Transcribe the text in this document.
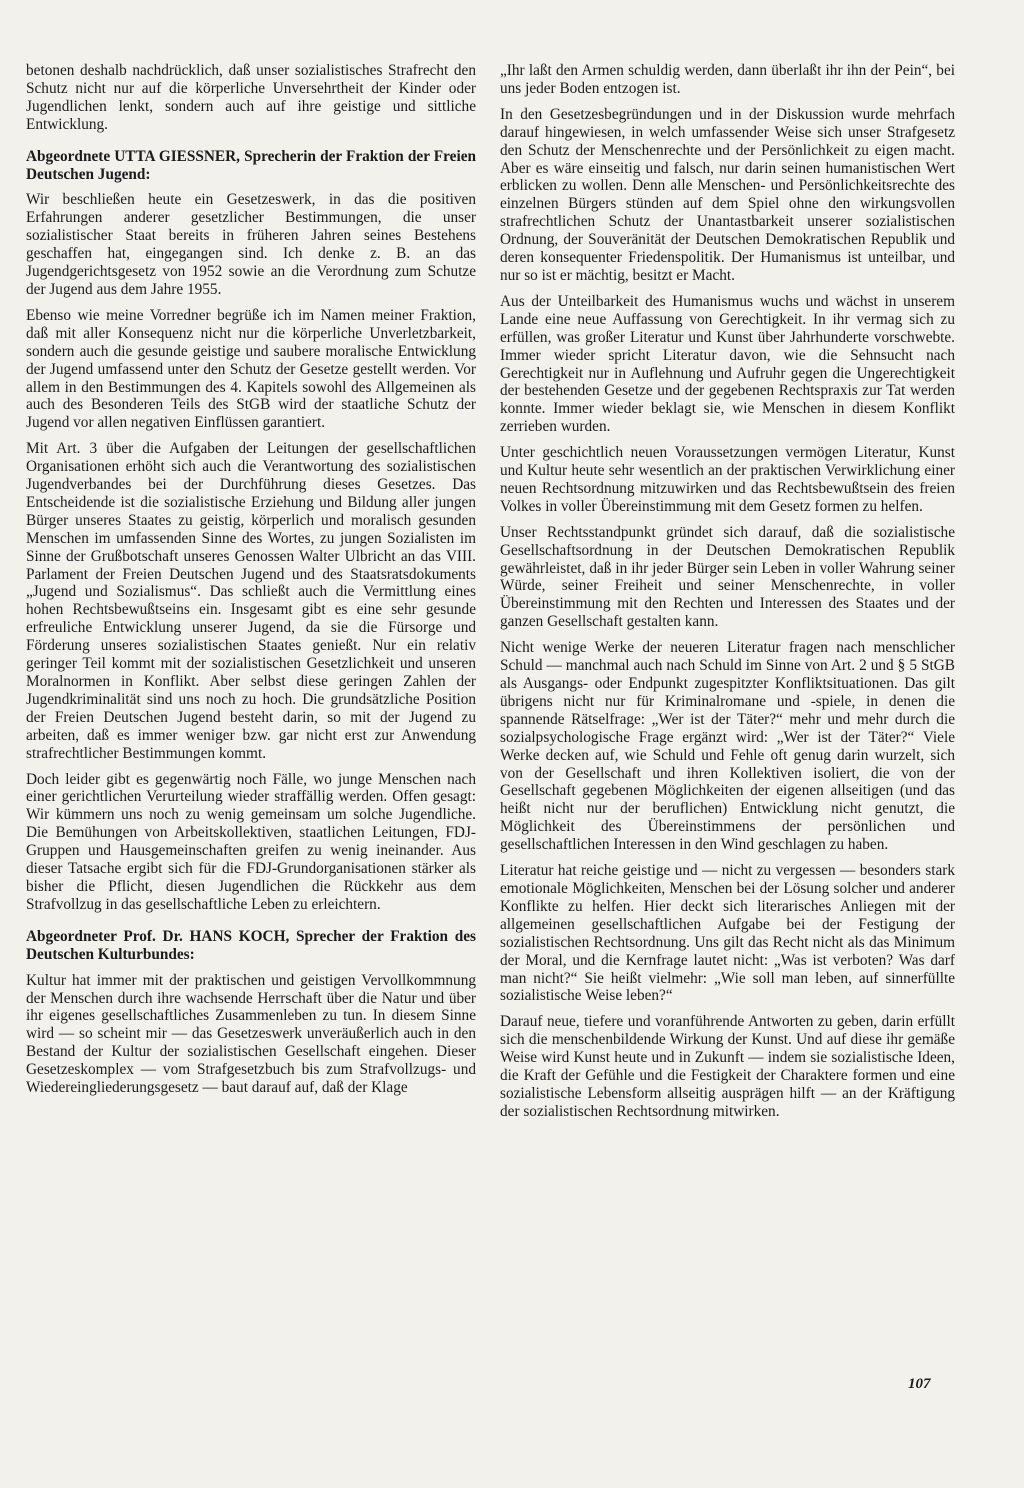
betonen deshalb nachdrücklich, daß unser sozialistisches Strafrecht den Schutz nicht nur auf die körperliche Unversehrtheit der Kinder oder Jugendlichen lenkt, sondern auch auf ihre geistige und sittliche Entwicklung.

Abgeordnete UTTA GIESSNER, Sprecherin der Fraktion der Freien Deutschen Jugend:

Wir beschließen heute ein Gesetzeswerk, in das die positiven Erfahrungen anderer gesetzlicher Bestimmungen, die unser sozialistischer Staat bereits in früheren Jahren seines Bestehens geschaffen hat, eingegangen sind. Ich denke z. B. an das Jugendgerichtsgesetz von 1952 sowie an die Verordnung zum Schutze der Jugend aus dem Jahre 1955.

Ebenso wie meine Vorredner begrüße ich im Namen meiner Fraktion, daß mit aller Konsequenz nicht nur die körperliche Unverletzbarkeit, sondern auch die gesunde geistige und saubere moralische Entwicklung der Jugend umfassend unter den Schutz der Gesetze gestellt werden. Vor allem in den Bestimmungen des 4. Kapitels sowohl des Allgemeinen als auch des Besonderen Teils des StGB wird der staatliche Schutz der Jugend vor allen negativen Einflüssen garantiert.

Mit Art. 3 über die Aufgaben der Leitungen der gesellschaftlichen Organisationen erhöht sich auch die Verantwortung des sozialistischen Jugendverbandes bei der Durchführung dieses Gesetzes. Das Entscheidende ist die sozialistische Erziehung und Bildung aller jungen Bürger unseres Staates zu geistig, körperlich und moralisch gesunden Menschen im umfassenden Sinne des Wortes, zu jungen Sozialisten im Sinne der Grußbotschaft unseres Genossen Walter Ulbricht an das VIII. Parlament der Freien Deutschen Jugend und des Staatsratsdokuments „Jugend und Sozialismus“. Das schließt auch die Vermittlung eines hohen Rechtsbewußtseins ein. Insgesamt gibt es eine sehr gesunde erfreuliche Entwicklung unserer Jugend, da sie die Fürsorge und Förderung unseres sozialistischen Staates genießt. Nur ein relativ geringer Teil kommt mit der sozialistischen Gesetzlichkeit und unseren Moralnormen in Konflikt. Aber selbst diese geringen Zahlen der Jugendkriminalität sind uns noch zu hoch. Die grundsätzliche Position der Freien Deutschen Jugend besteht darin, so mit der Jugend zu arbeiten, daß es immer weniger bzw. gar nicht erst zur Anwendung strafrechtlicher Bestimmungen kommt.

Doch leider gibt es gegenwärtig noch Fälle, wo junge Menschen nach einer gerichtlichen Verurteilung wieder straffällig werden. Offen gesagt: Wir kümmern uns noch zu wenig gemeinsam um solche Jugendliche. Die Bemühungen von Arbeitskollektiven, staatlichen Leitungen, FDJ-Gruppen und Hausgemeinschaften greifen zu wenig ineinander. Aus dieser Tatsache ergibt sich für die FDJ-Grundorganisationen stärker als bisher die Pflicht, diesen Jugendlichen die Rückkehr aus dem Strafvollzug in das gesellschaftliche Leben zu erleichtern.

Abgeordneter Prof. Dr. HANS KOCH, Sprecher der Fraktion des Deutschen Kulturbundes:

Kultur hat immer mit der praktischen und geistigen Vervollkommnung der Menschen durch ihre wachsende Herrschaft über die Natur und über ihr eigenes gesellschaftliches Zusammenleben zu tun. In diesem Sinne wird — so scheint mir — das Gesetzeswerk unveräußerlich auch in den Bestand der Kultur der sozialistischen Gesellschaft eingehen. Dieser Gesetzeskomplex — vom Strafgesetzbuch bis zum Strafvollzugs- und Wiedereingliederungsgesetz — baut darauf auf, daß der Klage

„Ihr laßt den Armen schuldig werden, dann überlaßt ihr ihn der Pein“, bei uns jeder Boden entzogen ist.

In den Gesetzesbegründungen und in der Diskussion wurde mehrfach darauf hingewiesen, in welch umfassender Weise sich unser Strafgesetz den Schutz der Menschenrechte und der Persönlichkeit zu eigen macht. Aber es wäre einseitig und falsch, nur darin seinen humanistischen Wert erblicken zu wollen. Denn alle Menschen- und Persönlichkeitsrechte des einzelnen Bürgers stünden auf dem Spiel ohne den wirkungsvollen strafrechtlichen Schutz der Unantastbarkeit unserer sozialistischen Ordnung, der Souveränität der Deutschen Demokratischen Republik und deren konsequenter Friedenspolitik. Der Humanismus ist unteilbar, und nur so ist er mächtig, besitzt er Macht.

Aus der Unteilbarkeit des Humanismus wuchs und wächst in unserem Lande eine neue Auffassung von Gerechtigkeit. In ihr vermag sich zu erfüllen, was großer Literatur und Kunst über Jahrhunderte vorschwebte. Immer wieder spricht Literatur davon, wie die Sehnsucht nach Gerechtigkeit nur in Auflehnung und Aufruhr gegen die Ungerechtigkeit der bestehenden Gesetze und der gegebenen Rechtspraxis zur Tat werden konnte. Immer wieder beklagt sie, wie Menschen in diesem Konflikt zerrieben wurden.

Unter geschichtlich neuen Voraussetzungen vermögen Literatur, Kunst und Kultur heute sehr wesentlich an der praktischen Verwirklichung einer neuen Rechtsordnung mitzuwirken und das Rechtsbewußtsein des freien Volkes in voller Übereinstimmung mit dem Gesetz formen zu helfen.

Unser Rechtsstandpunkt gründet sich darauf, daß die sozialistische Gesellschaftsordnung in der Deutschen Demokratischen Republik gewährleistet, daß in ihr jeder Bürger sein Leben in voller Wahrung seiner Würde, seiner Freiheit und seiner Menschenrechte, in voller Übereinstimmung mit den Rechten und Interessen des Staates und der ganzen Gesellschaft gestalten kann.

Nicht wenige Werke der neueren Literatur fragen nach menschlicher Schuld — manchmal auch nach Schuld im Sinne von Art. 2 und § 5 StGB als Ausgangs- oder Endpunkt zugespitzter Konfliktsituationen. Das gilt übrigens nicht nur für Kriminalromane und -spiele, in denen die spannende Rätselfrage: „Wer ist der Täter?“ mehr und mehr durch die sozialpsychologische Frage ergänzt wird: „Wer ist der Täter?“ Viele Werke decken auf, wie Schuld und Fehle oft genug darin wurzelt, sich von der Gesellschaft und ihren Kollektiven isoliert, die von der Gesellschaft gegebenen Möglichkeiten der eigenen allseitigen (und das heißt nicht nur der beruflichen) Entwicklung nicht genutzt, die Möglichkeit des Übereinstimmens der persönlichen und gesellschaftlichen Interessen in den Wind geschlagen zu haben.

Literatur hat reiche geistige und — nicht zu vergessen — besonders stark emotionale Möglichkeiten, Menschen bei der Lösung solcher und anderer Konflikte zu helfen. Hier deckt sich literarisches Anliegen mit der allgemeinen gesellschaftlichen Aufgabe bei der Festigung der sozialistischen Rechtsordnung. Uns gilt das Recht nicht als das Minimum der Moral, und die Kernfrage lautet nicht: „Was ist verboten? Was darf man nicht?“ Sie heißt vielmehr: „Wie soll man leben, auf sinnerfüllte sozialistische Weise leben?“

Darauf neue, tiefere und voranführende Antworten zu geben, darin erfüllt sich die menschenbildende Wirkung der Kunst. Und auf diese ihr gemäße Weise wird Kunst heute und in Zukunft — indem sie sozialistische Ideen, die Kraft der Gefühle und die Festigkeit der Charaktere formen und eine sozialistische Lebensform allseitig ausprägen hilft — an der Kräftigung der sozialistischen Rechtsordnung mitwirken.

107
